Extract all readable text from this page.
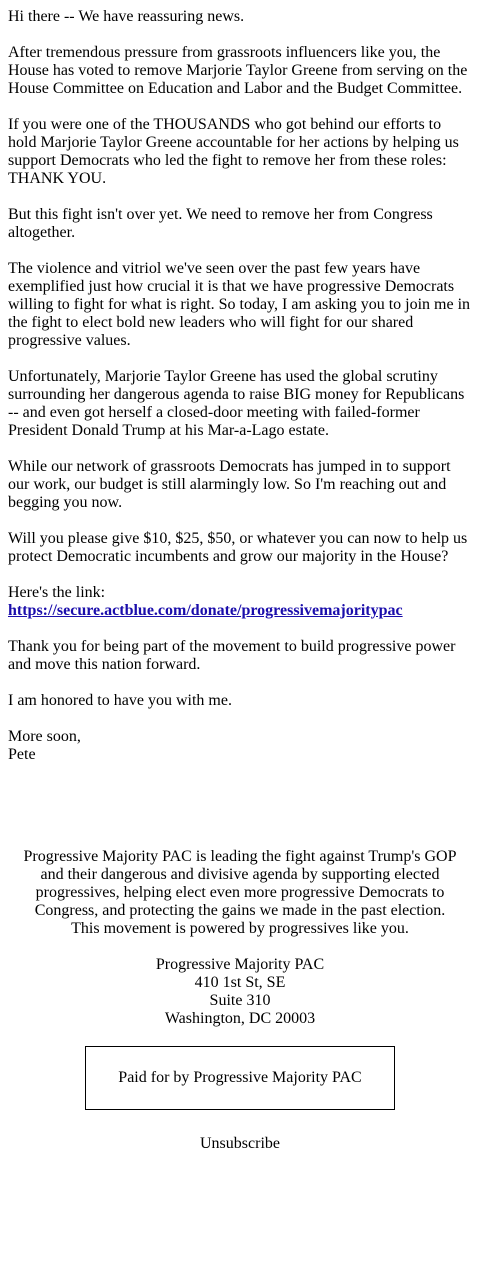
Hi there -- We have reassuring news.

After tremendous pressure from grassroots influencers like you, the House has voted to remove Marjorie Taylor Greene from serving on the House Committee on Education and Labor and the Budget Committee.

If you were one of the THOUSANDS who got behind our efforts to hold Marjorie Taylor Greene accountable for her actions by helping us support Democrats who led the fight to remove her from these roles: THANK YOU.

But this fight isn't over yet. We need to remove her from Congress altogether.

The violence and vitriol we've seen over the past few years have exemplified just how crucial it is that we have progressive Democrats willing to fight for what is right. So today, I am asking you to join me in the fight to elect bold new leaders who will fight for our shared progressive values.

Unfortunately, Marjorie Taylor Greene has used the global scrutiny surrounding her dangerous agenda to raise BIG money for Republicans -- and even got herself a closed-door meeting with failed-former President Donald Trump at his Mar-a-Lago estate.

While our network of grassroots Democrats has jumped in to support our work, our budget is still alarmingly low. So I'm reaching out and begging you now.

Will you please give $10, $25, $50, or whatever you can now to help us protect Democratic incumbents and grow our majority in the House?

Here's the link:
https://secure.actblue.com/donate/progressivemajoritypac

Thank you for being part of the movement to build progressive power and move this nation forward.

I am honored to have you with me.

More soon,
Pete

Progressive Majority PAC is leading the fight against Trump's GOP and their dangerous and divisive agenda by supporting elected progressives, helping elect even more progressive Democrats to Congress, and protecting the gains we made in the past election. This movement is powered by progressives like you.
Progressive Majority PAC
410 1st St, SE
Suite 310
Washington, DC 20003
Paid for by Progressive Majority PAC
Unsubscribe
